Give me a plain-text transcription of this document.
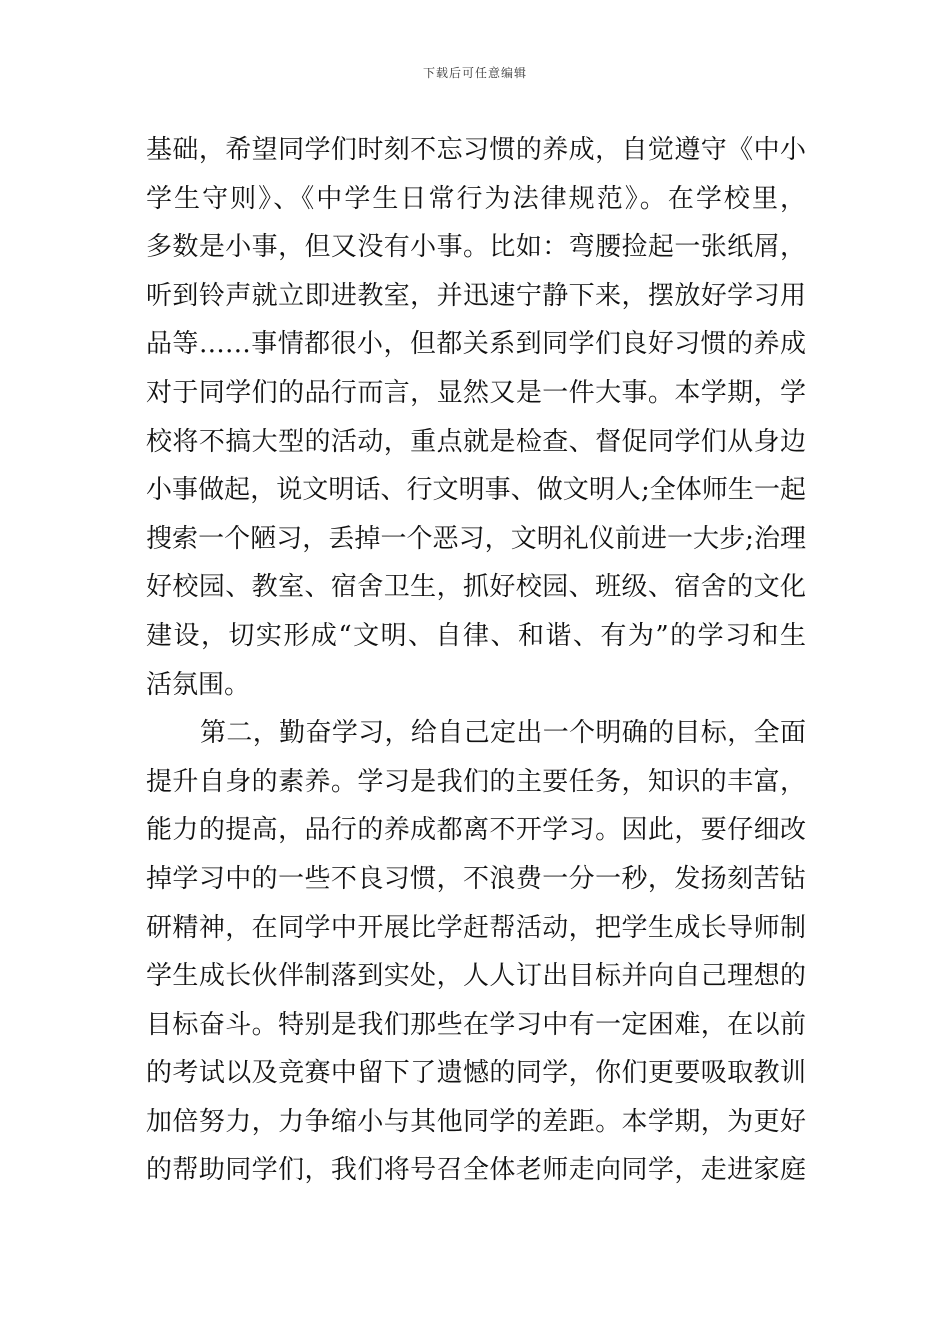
下载后可任意编辑
基础，希望同学们时刻不忘习惯的养成，自觉遵守《中小
学生守则》、《中学生日常行为法律规范》。在学校里，
多数是小事，但又没有小事。比如：弯腰捡起一张纸屑，
听到铃声就立即进教室，并迅速宁静下来，摆放好学习用
品等……事情都很小，但都关系到同学们良好习惯的养成
对于同学们的品行而言，显然又是一件大事。本学期，学
校将不搞大型的活动，重点就是检查、督促同学们从身边
小事做起，说文明话、行文明事、做文明人;全体师生一起
搜索一个陋习，丢掉一个恶习，文明礼仪前进一大步;治理
好校园、教室、宿舍卫生，抓好校园、班级、宿舍的文化
建设，切实形成“文明、自律、和谐、有为”的学习和生
活氛围。
第二，勤奋学习，给自己定出一个明确的目标，全面
提升自身的素养。学习是我们的主要任务，知识的丰富，
能力的提高，品行的养成都离不开学习。因此，要仔细改
掉学习中的一些不良习惯，不浪费一分一秒，发扬刻苦钻
研精神，在同学中开展比学赶帮活动，把学生成长导师制
学生成长伙伴制落到实处，人人订出目标并向自己理想的
目标奋斗。特别是我们那些在学习中有一定困难，在以前
的考试以及竞赛中留下了遗憾的同学，你们更要吸取教训
加倍努力，力争缩小与其他同学的差距。本学期，为更好
的帮助同学们，我们将号召全体老师走向同学，走进家庭
